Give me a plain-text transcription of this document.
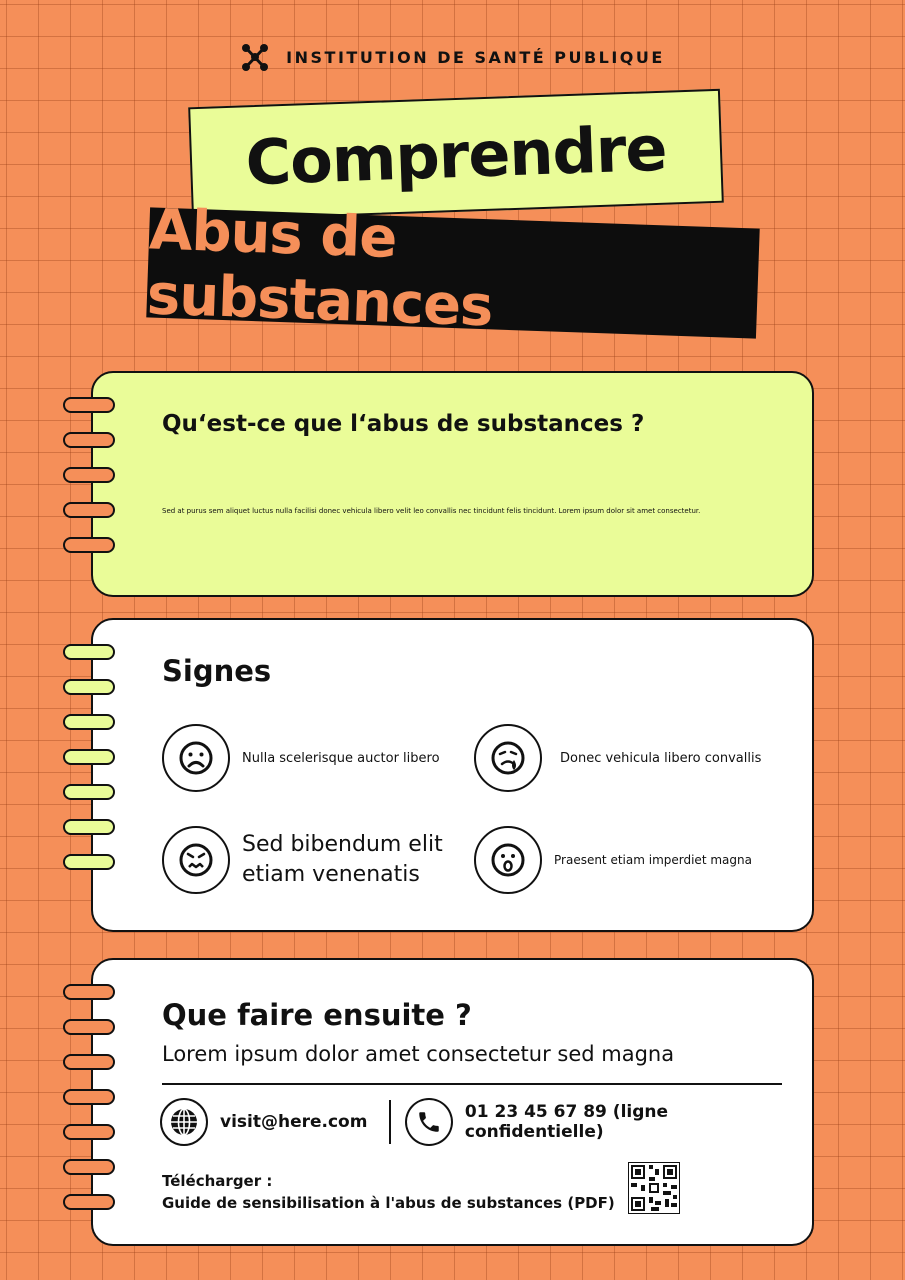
INSTITUTION DE SANTÉ PUBLIQUE
Comprendre
Abus de substances
Qu‘est-ce que l‘abus de substances ?

Sed at purus sem aliquet luctus nulla facilisi donec vehicula libero velit leo convallis nec tincidunt felis tincidunt. Lorem ipsum dolor sit amet consectetur.

Signes
Nulla scelerisque auctor libero	Donec vehicula libero convallis
Sed bibendum elit etiam venenatis
Praesent etiam imperdiet magna
Que faire ensuite ?
Lorem ipsum dolor amet consectetur sed magna
visit@here.com	01 23 45 67 89 (ligne confidentielle)
Télécharger :
Guide de sensibilisation à l'abus de substances (PDF)
